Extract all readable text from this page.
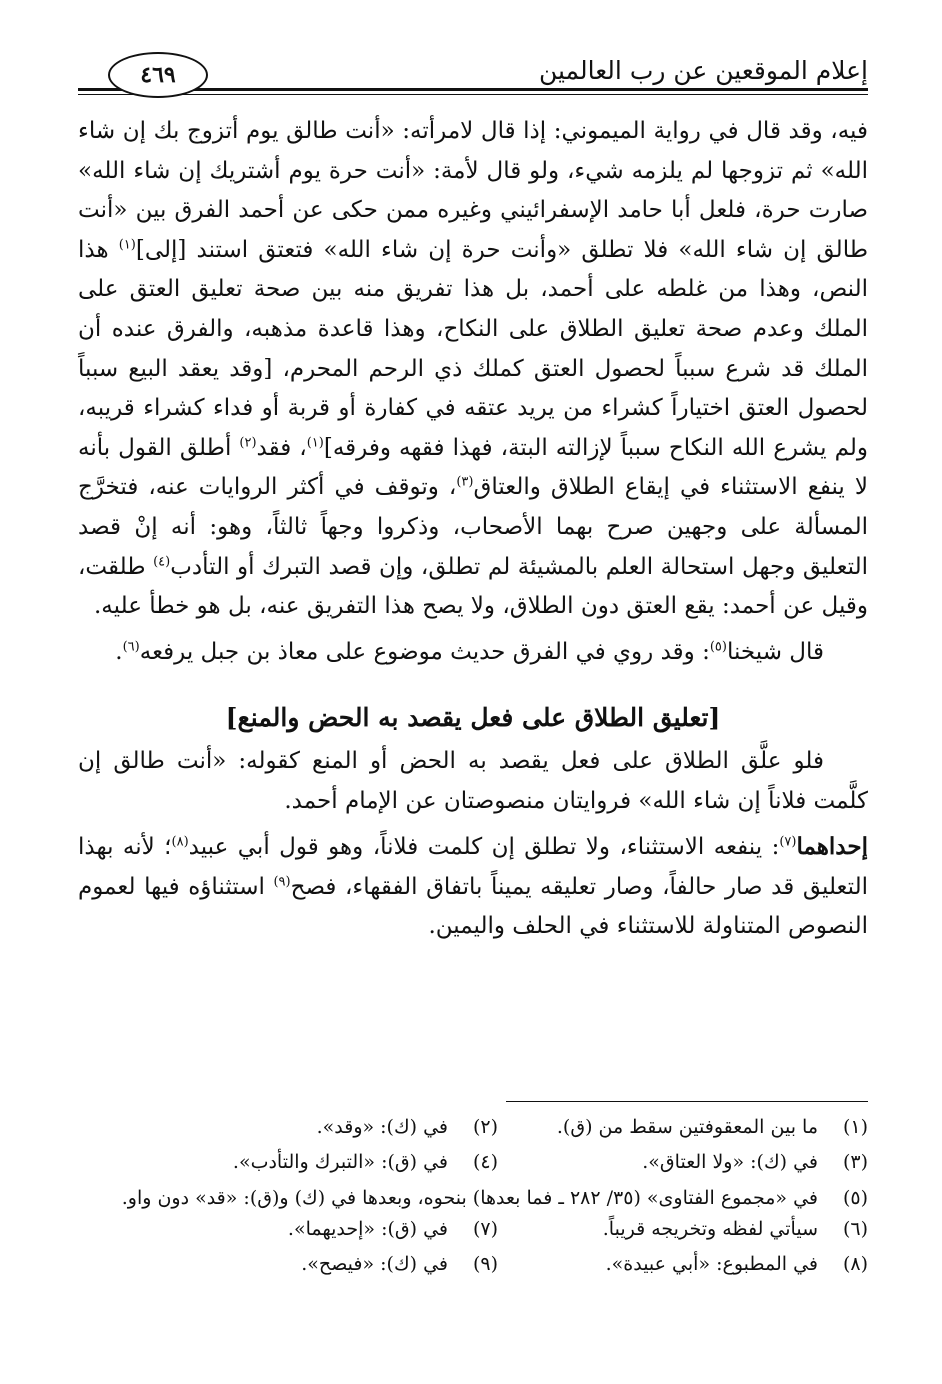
إعلام الموقعين عن رب العالمين
٤٦٩

فيه، وقد قال في رواية الميموني: إذا قال لامرأته: «أنت طالق يوم أتزوج بك إن شاء الله» ثم تزوجها لم يلزمه شيء، ولو قال لأمة: «أنت حرة يوم أشتريك إن شاء الله» صارت حرة، فلعل أبا حامد الإسفرائيني وغيره ممن حكى عن أحمد الفرق بين «أنت طالق إن شاء الله» فلا تطلق «وأنت حرة إن شاء الله» فتعتق استند [إلى]$^{(١)}$ هذا النص، وهذا من غلطه على أحمد، بل هذا تفريق منه بين صحة تعليق العتق على الملك وعدم صحة تعليق الطلاق على النكاح، وهذا قاعدة مذهبه، والفرق عنده أن الملك قد شرع سبباً لحصول العتق كملك ذي الرحم المحرم، [وقد يعقد البيع سبباً لحصول العتق اختياراً كشراء من يريد عتقه في كفارة أو قربة أو فداء كشراء قريبه، ولم يشرع الله النكاح سبباً لإزالته البتة، فهذا فقهه وفرقه]$^{(١)}$، فقد$^{(٢)}$ أطلق القول بأنه لا ينفع الاستثناء في إيقاع الطلاق والعتاق$^{(٣)}$، وتوقف في أكثر الروايات عنه، فتخرَّج المسألة على وجهين صرح بهما الأصحاب، وذكروا وجهاً ثالثاً، وهو: أنه إنْ قصد التعليق وجهل استحالة العلم بالمشيئة لم تطلق، وإن قصد التبرك أو التأدب$^{(٤)}$ طلقت، وقيل عن أحمد: يقع العتق دون الطلاق، ولا يصح هذا التفريق عنه، بل هو خطأ عليه.

قال شيخنا$^{(٥)}$: وقد روي في الفرق حديث موضوع على معاذ بن جبل يرفعه$^{(٦)}$.

[تعليق الطلاق على فعل يقصد به الحض والمنع]

فلو علَّق الطلاق على فعل يقصد به الحض أو المنع كقوله: «أنت طالق إن كلَّمت فلاناً إن شاء الله» فروايتان منصوصتان عن الإمام أحمد.

إحداهما$^{(٧)}$: ينفعه الاستثناء، ولا تطلق إن كلمت فلاناً، وهو قول أبي عبيد$^{(٨)}$؛ لأنه بهذا التعليق قد صار حالفاً، وصار تعليقه يميناً باتفاق الفقهاء، فصح$^{(٩)}$ استثناؤه فيها لعموم النصوص المتناولة للاستثناء في الحلف واليمين.

(١)ما بين المعقوفتين سقط من (ق).
(٢)في (ك): «وقد».
(٣)في (ك): «ولا العتاق».
(٤)في (ق): «التبرك والتأدب».
(٥)في «مجموع الفتاوى» (٣٥/ ٢٨٢ ـ فما بعدها) بنحوه، وبعدها في (ك) و(ق): «قد» دون واو.
(٦)سيأتي لفظه وتخريجه قريباً.
(٧)في (ق): «إحديهما».
(٨)في المطبوع: «أبي عبيدة».
(٩)في (ك): «فيصح».
